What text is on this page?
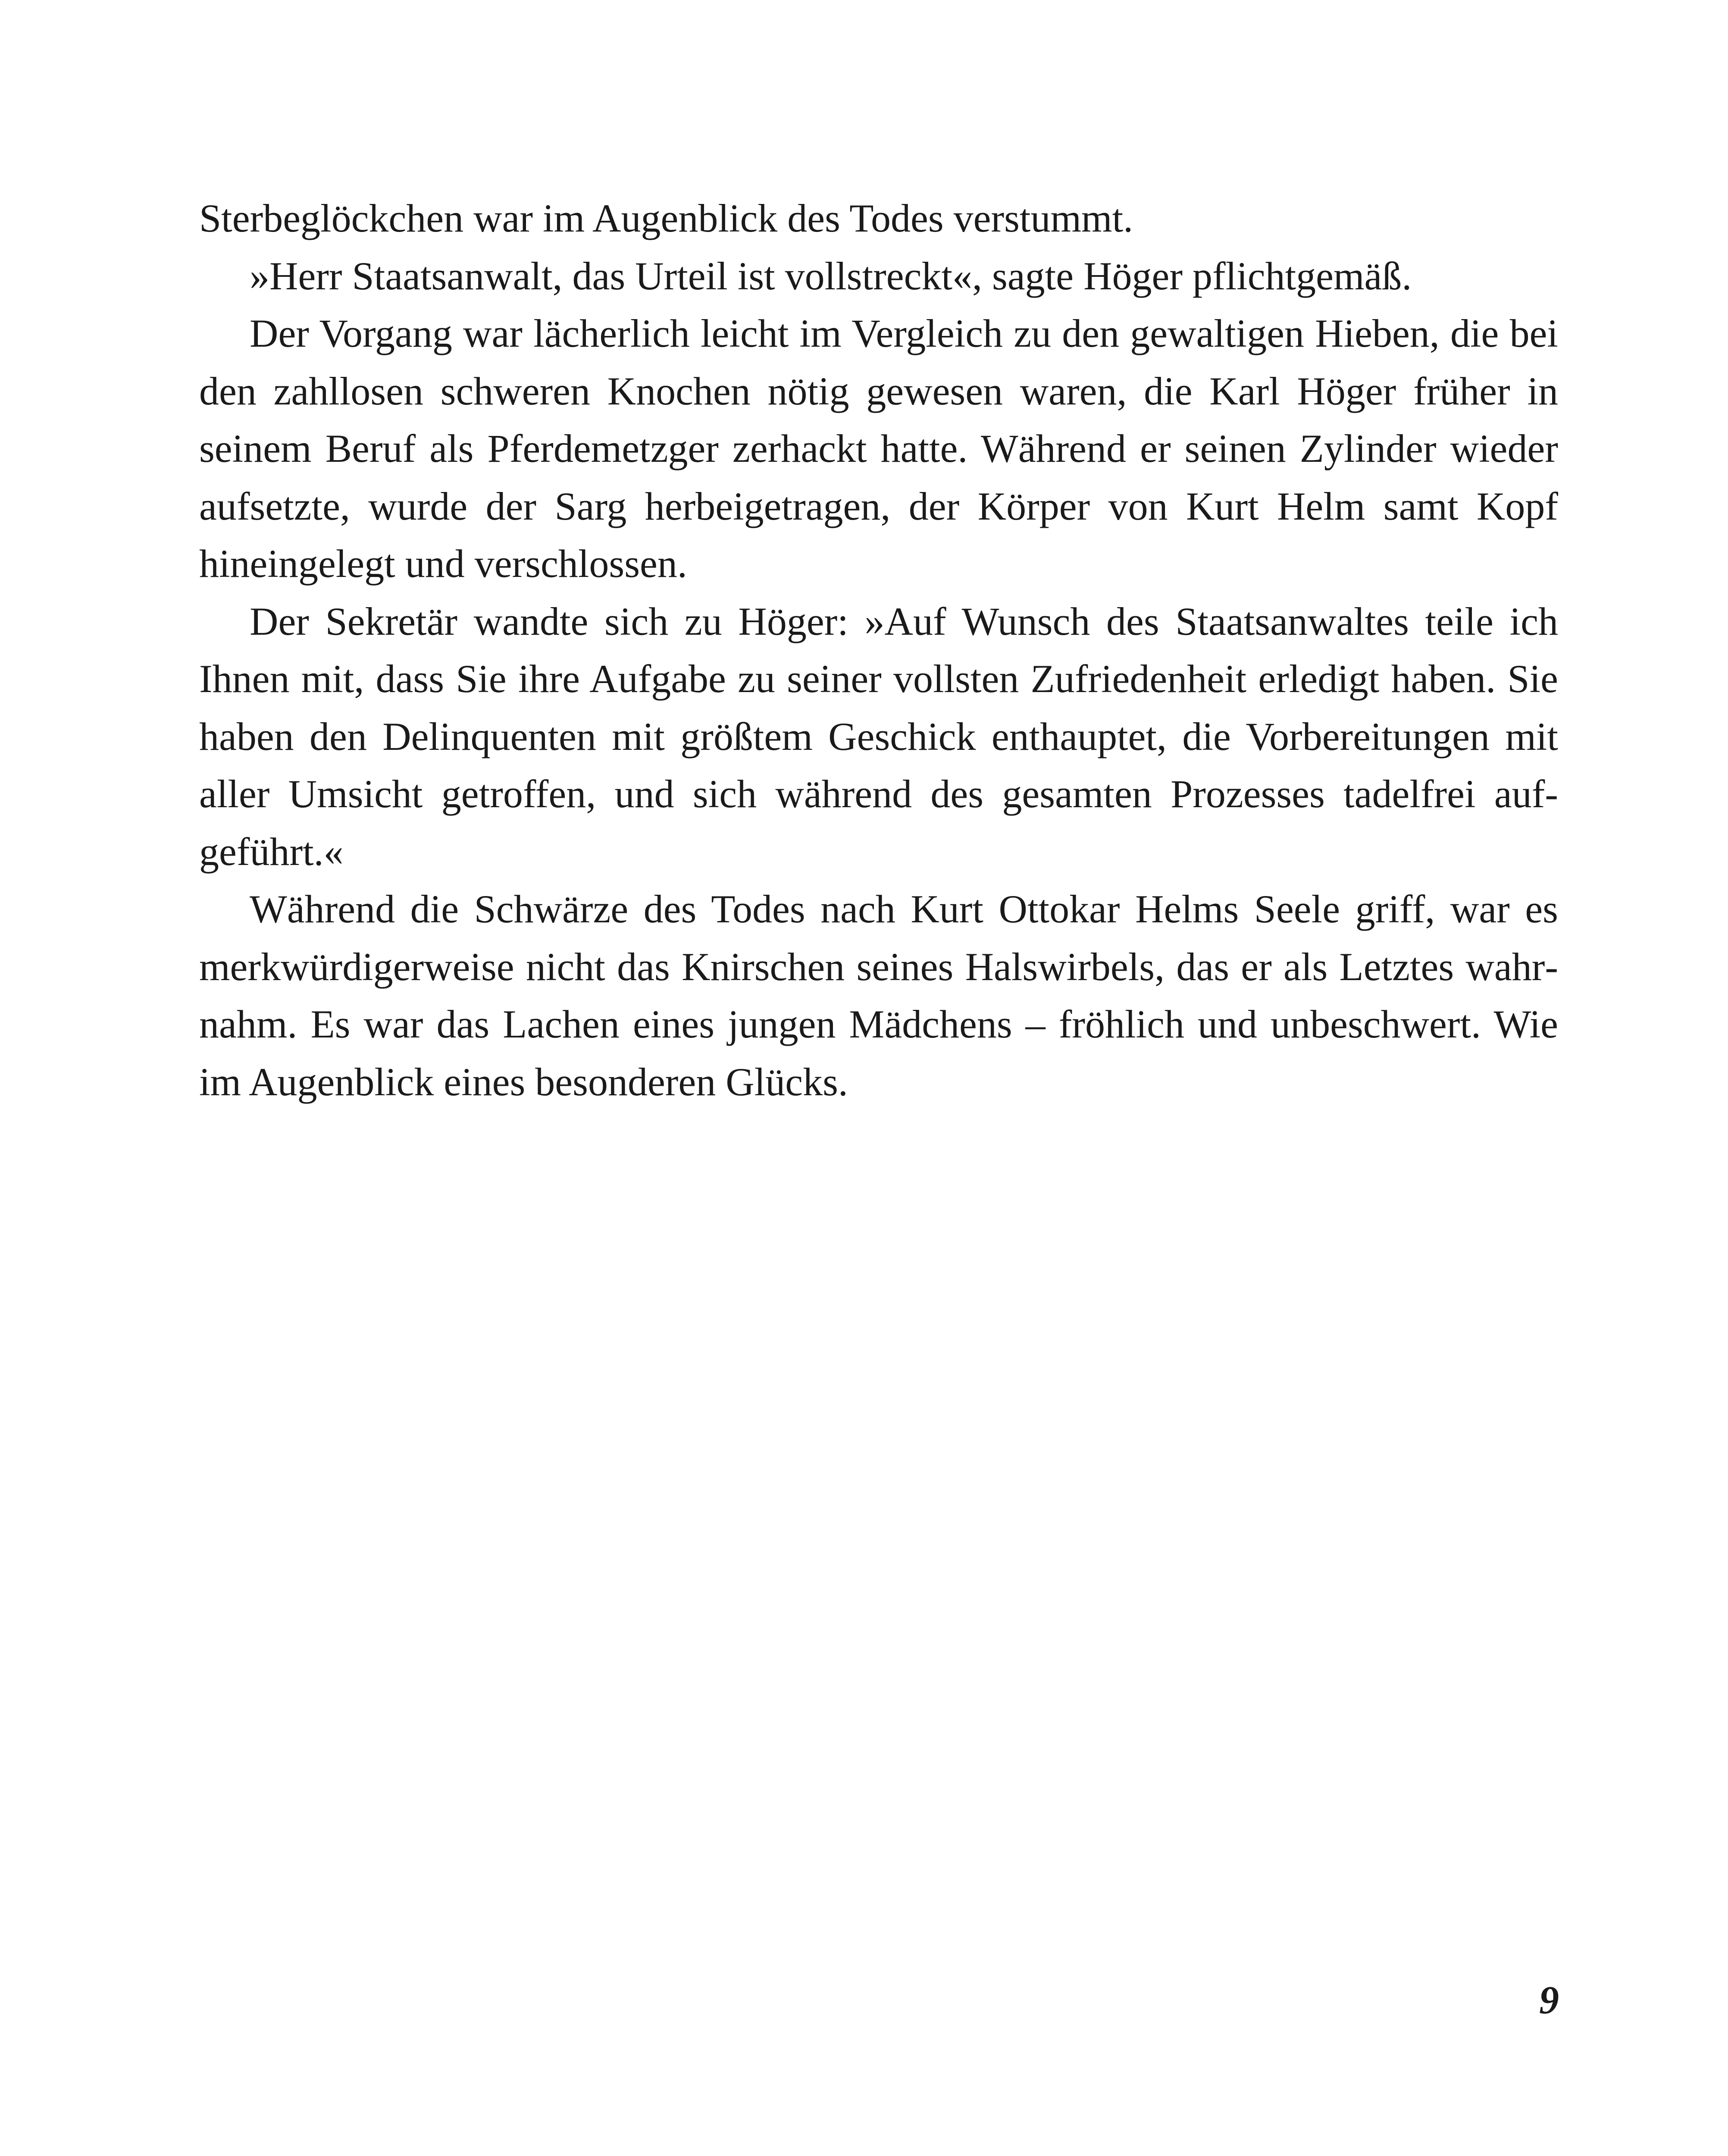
Sterbeglöckchen war im Augenblick des Todes verstummt.

»Herr Staatsanwalt, das Urteil ist vollstreckt«, sagte Höger pflichtgemäß.

Der Vorgang war lächerlich leicht im Vergleich zu den gewaltigen Hieben, die bei den zahllosen schweren Knochen nötig gewesen waren, die Karl Höger früher in seinem Beruf als Pferdemetzger zerhackt hatte. Während er seinen Zylinder wieder aufsetzte, wurde der Sarg herbeigetragen, der Körper von Kurt Helm samt Kopf hineingelegt und verschlossen.

Der Sekretär wandte sich zu Höger: »Auf Wunsch des Staatsanwaltes teile ich Ihnen mit, dass Sie ihre Aufgabe zu seiner vollsten Zufriedenheit erledigt haben. Sie haben den Delinquenten mit größtem Geschick enthauptet, die Vorbereitungen mit aller Umsicht getroffen, und sich während des gesamten Prozesses tadelfrei aufgeführt.«

Während die Schwärze des Todes nach Kurt Ottokar Helms Seele griff, war es merkwürdigerweise nicht das Knirschen seines Halswirbels, das er als Letztes wahrnahm. Es war das Lachen eines jungen Mädchens – fröhlich und unbeschwert. Wie im Augenblick eines besonderen Glücks.

9
